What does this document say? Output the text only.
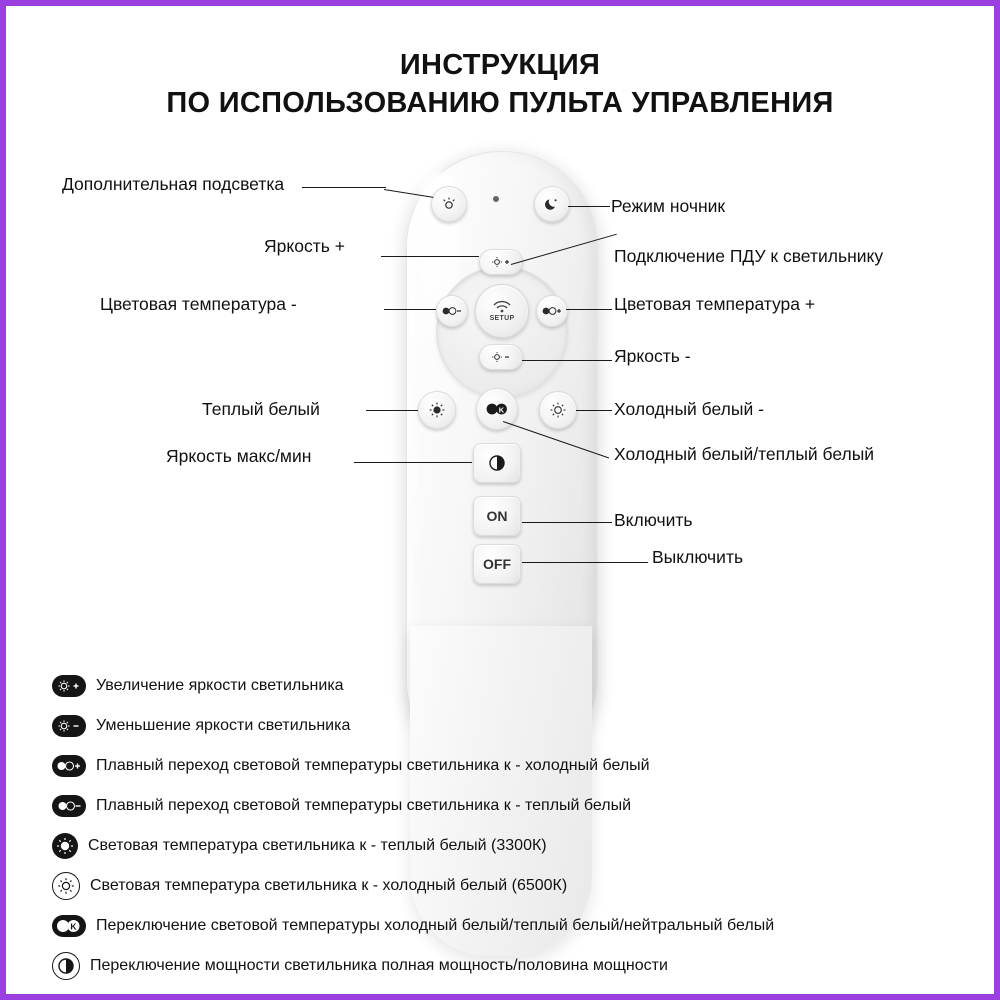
ИНСТРУКЦИЯ
ПО ИСПОЛЬЗОВАНИЮ ПУЛЬТА УПРАВЛЕНИЯ
SETUP
K
ON
OFF
Дополнительная подсветка
Режим ночник
Яркость +	Подключение ПДУ к светильнику
Цветовая температура -	Цветовая температура +
Яркость -
Теплый белый	Холодный белый -
Яркость макс/мин	Холодный белый/теплый белый
Включить
Выключить
Увеличение яркости светильника
Уменьшение яркости светильника
Плавный переход световой температуры светильника к - холодный белый
Плавный переход световой температуры светильника к - теплый белый
Световая температура светильника к - теплый белый (3300К)
Световая температура светильника к - холодный белый (6500К)
K Переключение световой температуры холодный белый/теплый белый/нейтральный белый
Переключение мощности светильника полная мощность/половина мощности
